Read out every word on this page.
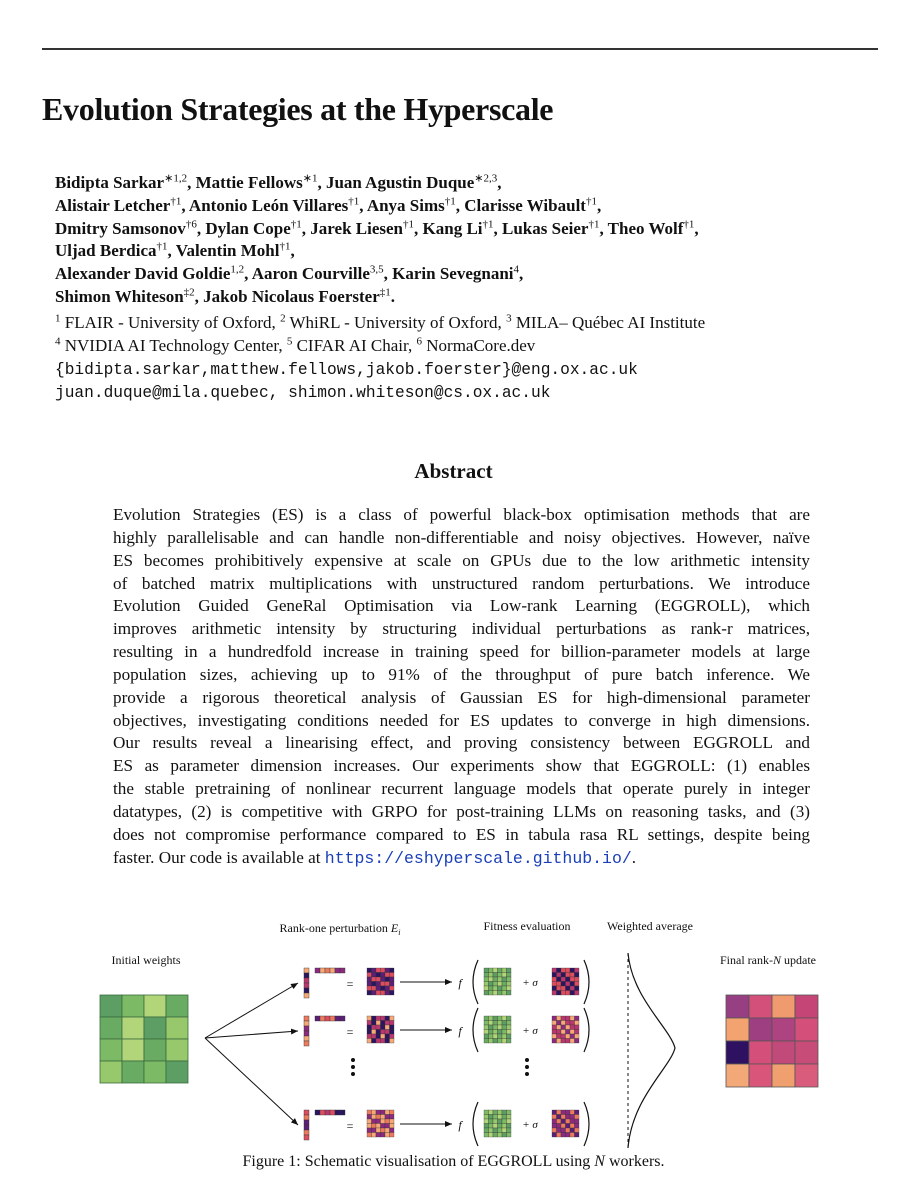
Evolution Strategies at the Hyperscale
Bidipta Sarkar$^{∗1,2}$, Mattie Fellows$^{∗1}$, Juan Agustin Duque$^{∗2,3}$,
Alistair Letcher$^{\dagger 1}$, Antonio León Villares$^{\dagger 1}$, Anya Sims$^{\dagger 1}$, Clarisse Wibault$^{\dagger 1}$,
Dmitry Samsonov$^{\dagger 6}$, Dylan Cope$^{\dagger 1}$, Jarek Liesen$^{\dagger 1}$, Kang Li$^{\dagger 1}$, Lukas Seier$^{\dagger 1}$, Theo Wolf$^{\dagger 1}$,
Uljad Berdica$^{\dagger 1}$, Valentin Mohl$^{\dagger 1}$,
Alexander David Goldie$^{1,2}$, Aaron Courville$^{3,5}$, Karin Sevegnani$^4$,
Shimon Whiteson$^{\ddagger 2}$, Jakob Nicolaus Foerster$^{\ddagger 1}$.
$^1$ FLAIR - University of Oxford, $^2$ WhiRL - University of Oxford, $^3$ MILA– Québec AI Institute
$^4$ NVIDIA AI Technology Center, $^5$ CIFAR AI Chair, $^6$ NormaCore.dev
{bidipta.sarkar,matthew.fellows,jakob.foerster}@eng.ox.ac.uk
juan.duque@mila.quebec, shimon.whiteson@cs.ox.ac.uk
Abstract
Evolution Strategies (ES) is a class of powerful black-box optimisation methods that are
highly parallelisable and can handle non-differentiable and noisy objectives. However, naïve
ES becomes prohibitively expensive at scale on GPUs due to the low arithmetic intensity
of batched matrix multiplications with unstructured random perturbations. We introduce
Evolution Guided GeneRal Optimisation via Low-rank Learning (EGGROLL), which
improves arithmetic intensity by structuring individual perturbations as rank-r matrices,
resulting in a hundredfold increase in training speed for billion-parameter models at large
population sizes, achieving up to 91% of the throughput of pure batch inference. We
provide a rigorous theoretical analysis of Gaussian ES for high-dimensional parameter
objectives, investigating conditions needed for ES updates to converge in high dimensions.
Our results reveal a linearising effect, and proving consistency between EGGROLL and
ES as parameter dimension increases. Our experiments show that EGGROLL: (1) enables
the stable pretraining of nonlinear recurrent language models that operate purely in integer
datatypes, (2) is competitive with GRPO for post-training LLMs on reasoning tasks, and (3)
does not compromise performance compared to ES in tabula rasa RL settings, despite being
faster. Our code is available at https://eshyperscale.github.io/.
Initial weights
Rank-one perturbation $E_i$	Fitness evaluation	Weighted average
Final rank-N update
=	f	+ σ
=	f	+ σ
=	f	+ σ
Figure 1: Schematic visualisation of EGGROLL using N workers.
